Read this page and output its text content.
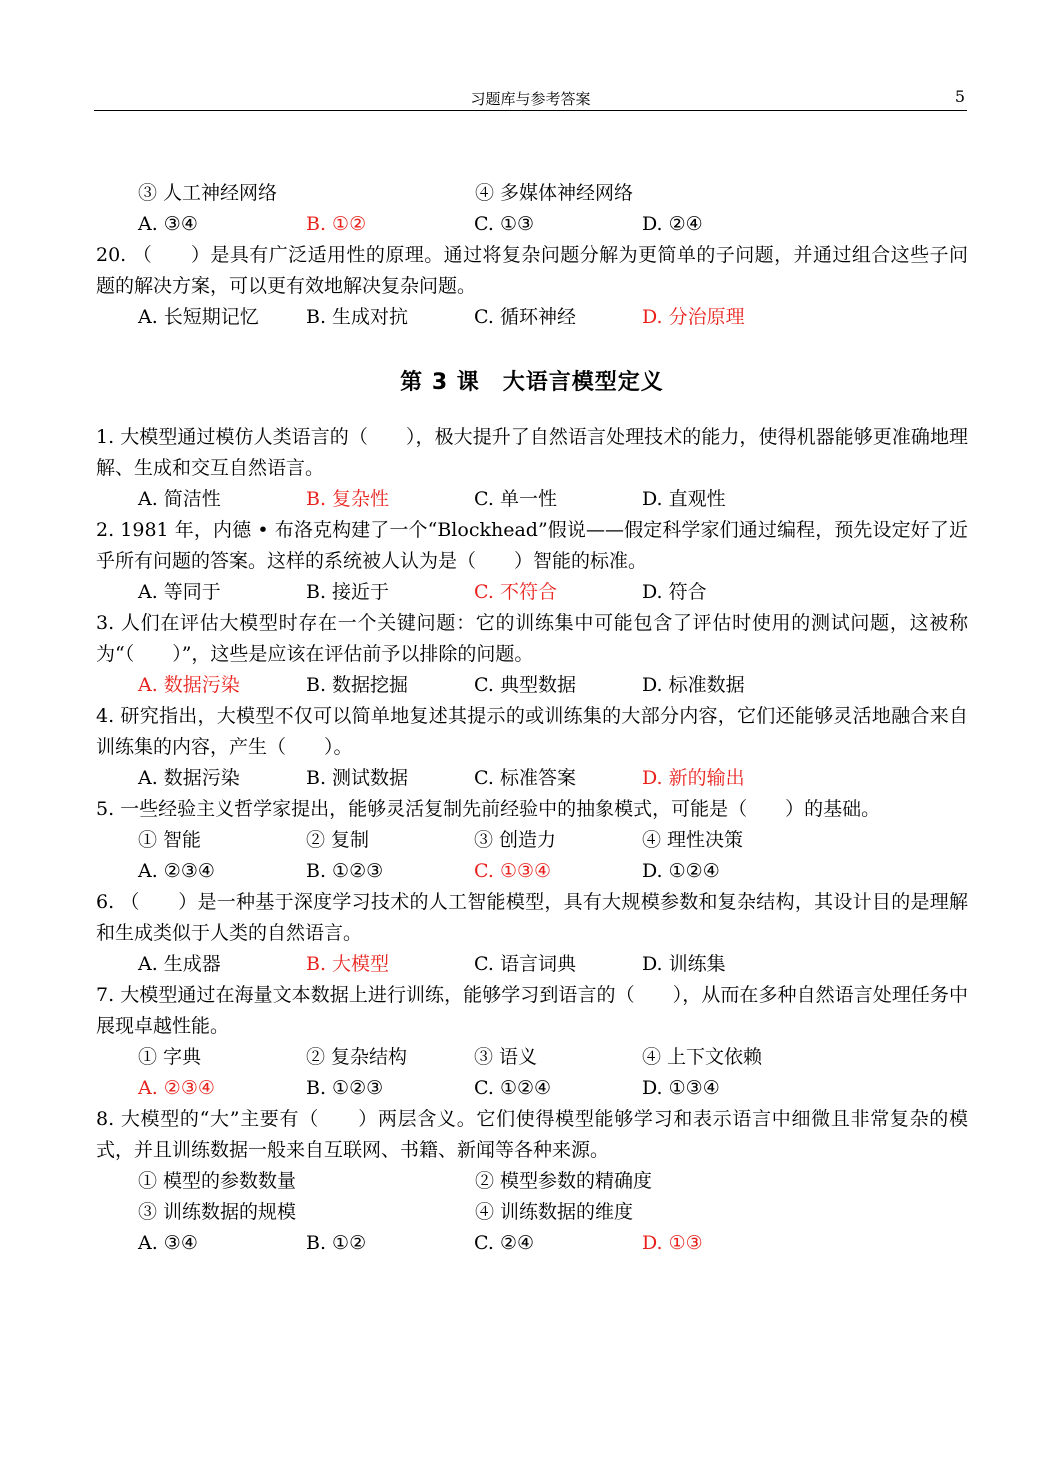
习题库与参考答案	5
③ 人工神经网络	④ 多媒体神经网络
A. ③④	B. ①②	C. ①③	D. ②④
20. （　　）是具有广泛适用性的原理。通过将复杂问题分解为更简单的子问题，并通过组合这些子问题的解决方案，可以更有效地解决复杂问题。
A. 长短期记忆	B. 生成对抗	C. 循环神经	D. 分治原理
第 3 课　大语言模型定义
1. 大模型通过模仿人类语言的（　　），极大提升了自然语言处理技术的能力，使得机器能够更准确地理解、生成和交互自然语言。
A. 简洁性	B. 复杂性	C. 单一性	D. 直观性
2. 1981 年，内德 • 布洛克构建了一个“Blockhead”假说——假定科学家们通过编程，预先设定好了近乎所有问题的答案。这样的系统被人认为是（　　）智能的标准。
A. 等同于	B. 接近于	C. 不符合	D. 符合
3. 人们在评估大模型时存在一个关键问题：它的训练集中可能包含了评估时使用的测试问题，这被称为“（　　）”，这些是应该在评估前予以排除的问题。
A. 数据污染	B. 数据挖掘	C. 典型数据	D. 标准数据
4. 研究指出，大模型不仅可以简单地复述其提示的或训练集的大部分内容，它们还能够灵活地融合来自训练集的内容，产生（　　）。
A. 数据污染	B. 测试数据	C. 标准答案	D. 新的输出
5. 一些经验主义哲学家提出，能够灵活复制先前经验中的抽象模式，可能是（　　）的基础。
① 智能	② 复制	③ 创造力	④ 理性决策
A. ②③④	B. ①②③	C. ①③④	D. ①②④
6. （　　）是一种基于深度学习技术的人工智能模型，具有大规模参数和复杂结构，其设计目的是理解和生成类似于人类的自然语言。
A. 生成器	B. 大模型	C. 语言词典	D. 训练集
7. 大模型通过在海量文本数据上进行训练，能够学习到语言的（　　），从而在多种自然语言处理任务中展现卓越性能。
① 字典	② 复杂结构	③ 语义	④ 上下文依赖
A. ②③④	B. ①②③	C. ①②④	D. ①③④
8. 大模型的“大”主要有（　　）两层含义。它们使得模型能够学习和表示语言中细微且非常复杂的模式，并且训练数据一般来自互联网、书籍、新闻等各种来源。
① 模型的参数数量	② 模型参数的精确度
③ 训练数据的规模	④ 训练数据的维度
A. ③④	B. ①②	C. ②④	D. ①③
